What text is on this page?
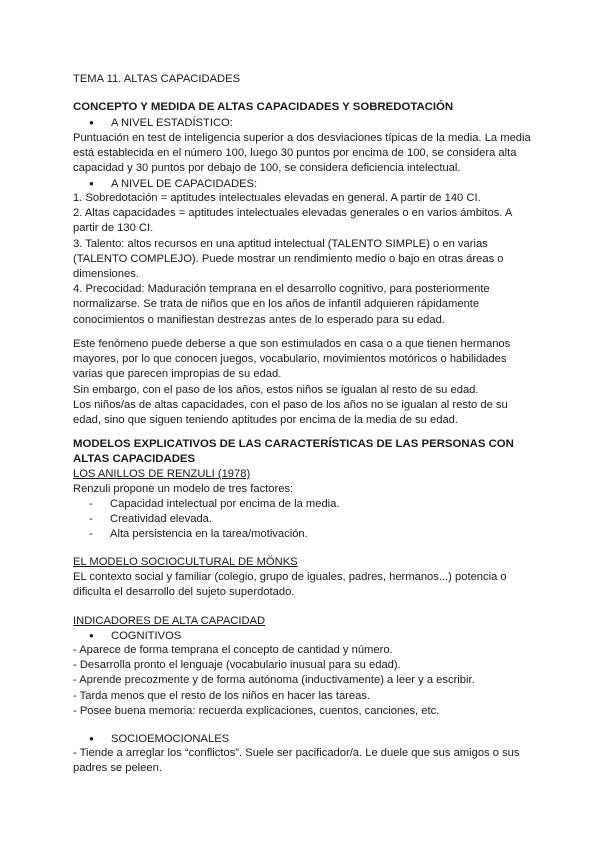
TEMA 11. ALTAS CAPACIDADES

CONCEPTO Y MEDIDA DE ALTAS CAPACIDADES Y SOBREDOTACIÓN

● A NIVEL ESTADÍSTICO:

Puntuación en test de inteligencia superior a dos desviaciones típicas de la media. La media

está establecida en el número 100, luego 30 puntos por encima de 100, se considera alta

capacidad y 30 puntos por debajo de 100, se considera deficiencia intelectual.

● A NIVEL DE CAPACIDADES:

1. Sobredotación = aptitudes intelectuales elevadas en general. A partir de 140 CI.

2. Altas capacidades = aptitudes intelectuales elevadas generales o en varios ámbitos. A

partir de 130 CI.

3. Talento: altos recursos en una aptitud intelectual (TALENTO SIMPLE) o en varias

(TALENTO COMPLEJO). Puede mostrar un rendimiento medio o bajo en otras áreas o

dimensiones.

4. Precocidad: Maduración temprana en el desarrollo cognitivo, para posteriormente

normalizarse. Se trata de niños que en los años de infantil adquieren rápidamente

conocimientos o manifiestan destrezas antes de lo esperado para su edad.

Este fenómeno puede deberse a que son estimulados en casa o a que tienen hermanos

mayores, por lo que conocen juegos, vocabulario, movimientos motóricos o habilidades

varias que parecen impropias de su edad.

Sin embargo, con el paso de los años, estos niños se igualan al resto de su edad.

Los niños/as de altas capacidades, con el paso de los años no se igualan al resto de su

edad, sino que siguen teniendo aptitudes por encima de la media de su edad.

MODELOS EXPLICATIVOS DE LAS CARACTERÍSTICAS DE LAS PERSONAS CON

ALTAS CAPACIDADES

LOS ANILLOS DE RENZULI (1978)

Renzuli propone un modelo de tres factores:

- Capacidad intelectual por encima de la media.
- Creatividad elevada.
- Alta persistencia en la tarea/motivación.

EL MODELO SOCIOCULTURAL DE MÖNKS

EL contexto social y familiar (colegio, grupo de iguales, padres, hermanos...) potencia o

dificulta el desarrollo del sujeto superdotado.

INDICADORES DE ALTA CAPACIDAD

● COGNITIVOS

- Aparece de forma temprana el concepto de cantidad y número.

- Desarrolla pronto el lenguaje (vocabulario inusual para su edad).

- Aprende precozmente y de forma autónoma (inductivamente) a leer y a escribir.

- Tarda menos que el resto de los niños en hacer las tareas.

- Posee buena memoria: recuerda explicaciones, cuentos, canciones, etc.

● SOCIOEMOCIONALES

- Tiende a arreglar los “conflictos”. Suele ser pacificador/a. Le duele que sus amigos o sus

padres se peleen.
